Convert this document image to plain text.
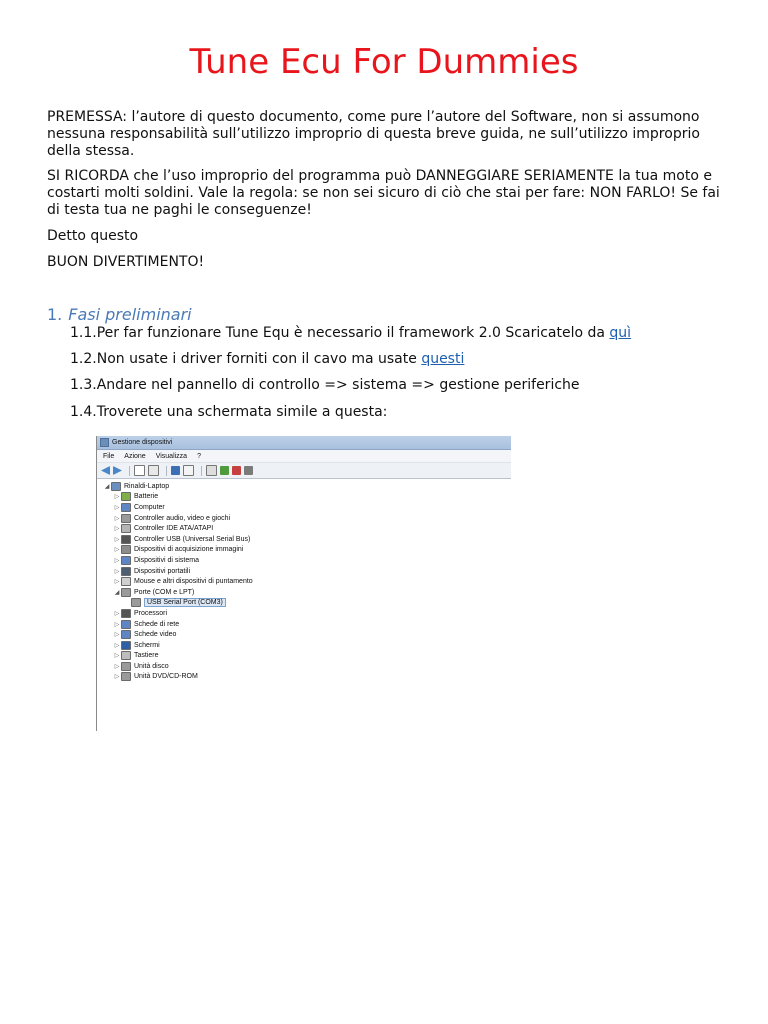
Tune Ecu For Dummies

PREMESSA: l’autore di questo documento, come pure l’autore del Software, non si assumono nessuna responsabilità sull’utilizzo improprio di questa breve guida, ne sull’utilizzo improprio della stessa.

SI RICORDA che l’uso improprio del programma può DANNEGGIARE SERIAMENTE la tua moto e costarti molti soldini. Vale la regola: se non sei sicuro di ciò che stai per fare: NON FARLO! Se fai di testa tua ne paghi le conseguenze!

Detto questo

BUON DIVERTIMENTO!

1. Fasi preliminari
1.1.Per far funzionare Tune Equ è necessario il framework 2.0 Scaricatelo da quì
1.2.Non usate i driver forniti con il cavo ma usate questi
1.3.Andare nel pannello di controllo => sistema => gestione periferiche
1.4.Troverete una schermata simile a questa:
Gestione dispositivi
File Azione Visualizza ?
◢ Rinaldi-Laptop
▷ Batterie
▷ Computer
▷ Controller audio, video e giochi
▷ Controller IDE ATA/ATAPI
▷ Controller USB (Universal Serial Bus)
▷ Dispositivi di acquisizione immagini
▷ Dispositivi di sistema
▷ Dispositivi portatili
▷ Mouse e altri dispositivi di puntamento
◢ Porte (COM e LPT)
USB Serial Port (COM3)
▷ Processori
▷ Schede di rete
▷ Schede video
▷ Schermi
▷ Tastiere
▷ Unità disco
▷ Unità DVD/CD-ROM
